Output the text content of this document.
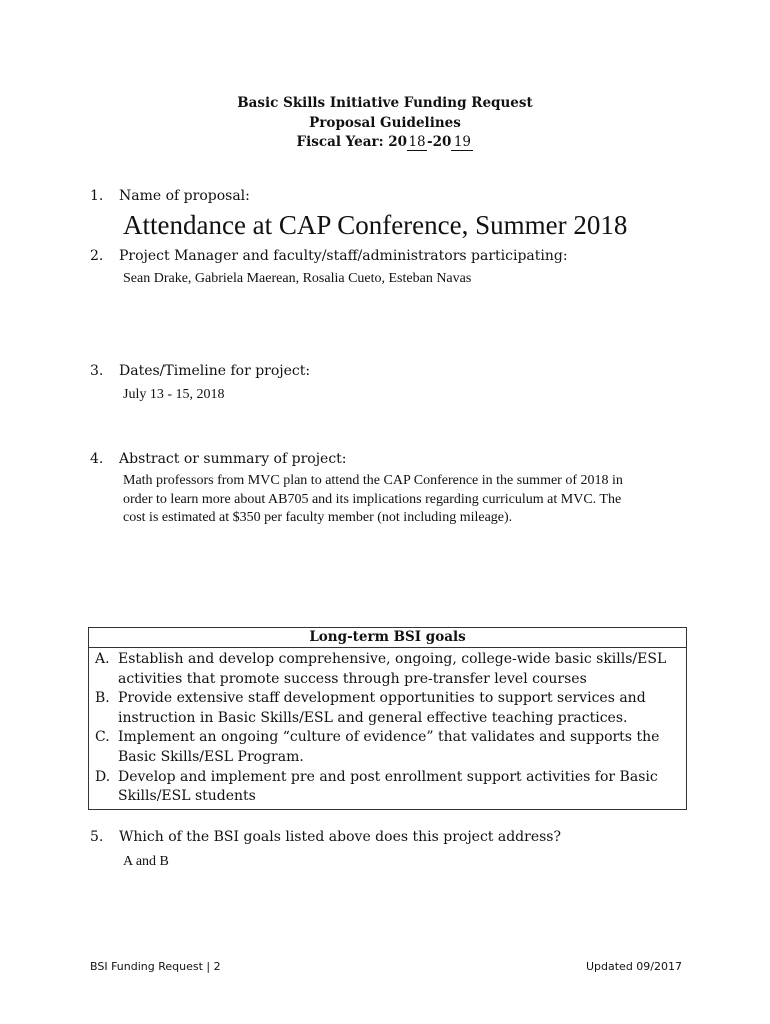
Basic Skills Initiative Funding Request
Proposal Guidelines
Fiscal Year: 2018-20 19
1. Name of proposal:
Attendance at CAP Conference, Summer 2018
2. Project Manager and faculty/staff/administrators participating:
Sean Drake, Gabriela Maerean, Rosalia Cueto, Esteban Navas
3. Dates/Timeline for project:
July 13 - 15, 2018
4. Abstract or summary of project:
Math professors from MVC plan to attend the CAP Conference in the summer of 2018 in
order to learn more about AB705 and its implications regarding curriculum at MVC. The
cost is estimated at $350 per faculty member (not including mileage).
Long-term BSI goals

A. Establish and develop comprehensive, ongoing, college-wide basic skills/ESL activities that promote success through pre-transfer level courses
B. Provide extensive staff development opportunities to support services and instruction in Basic Skills/ESL and general effective teaching practices.
C. Implement an ongoing “culture of evidence” that validates and supports the Basic Skills/ESL Program.
D. Develop and implement pre and post enrollment support activities for Basic Skills/ESL students
5. Which of the BSI goals listed above does this project address?
A and B
BSI Funding Request | 2	Updated 09/2017
